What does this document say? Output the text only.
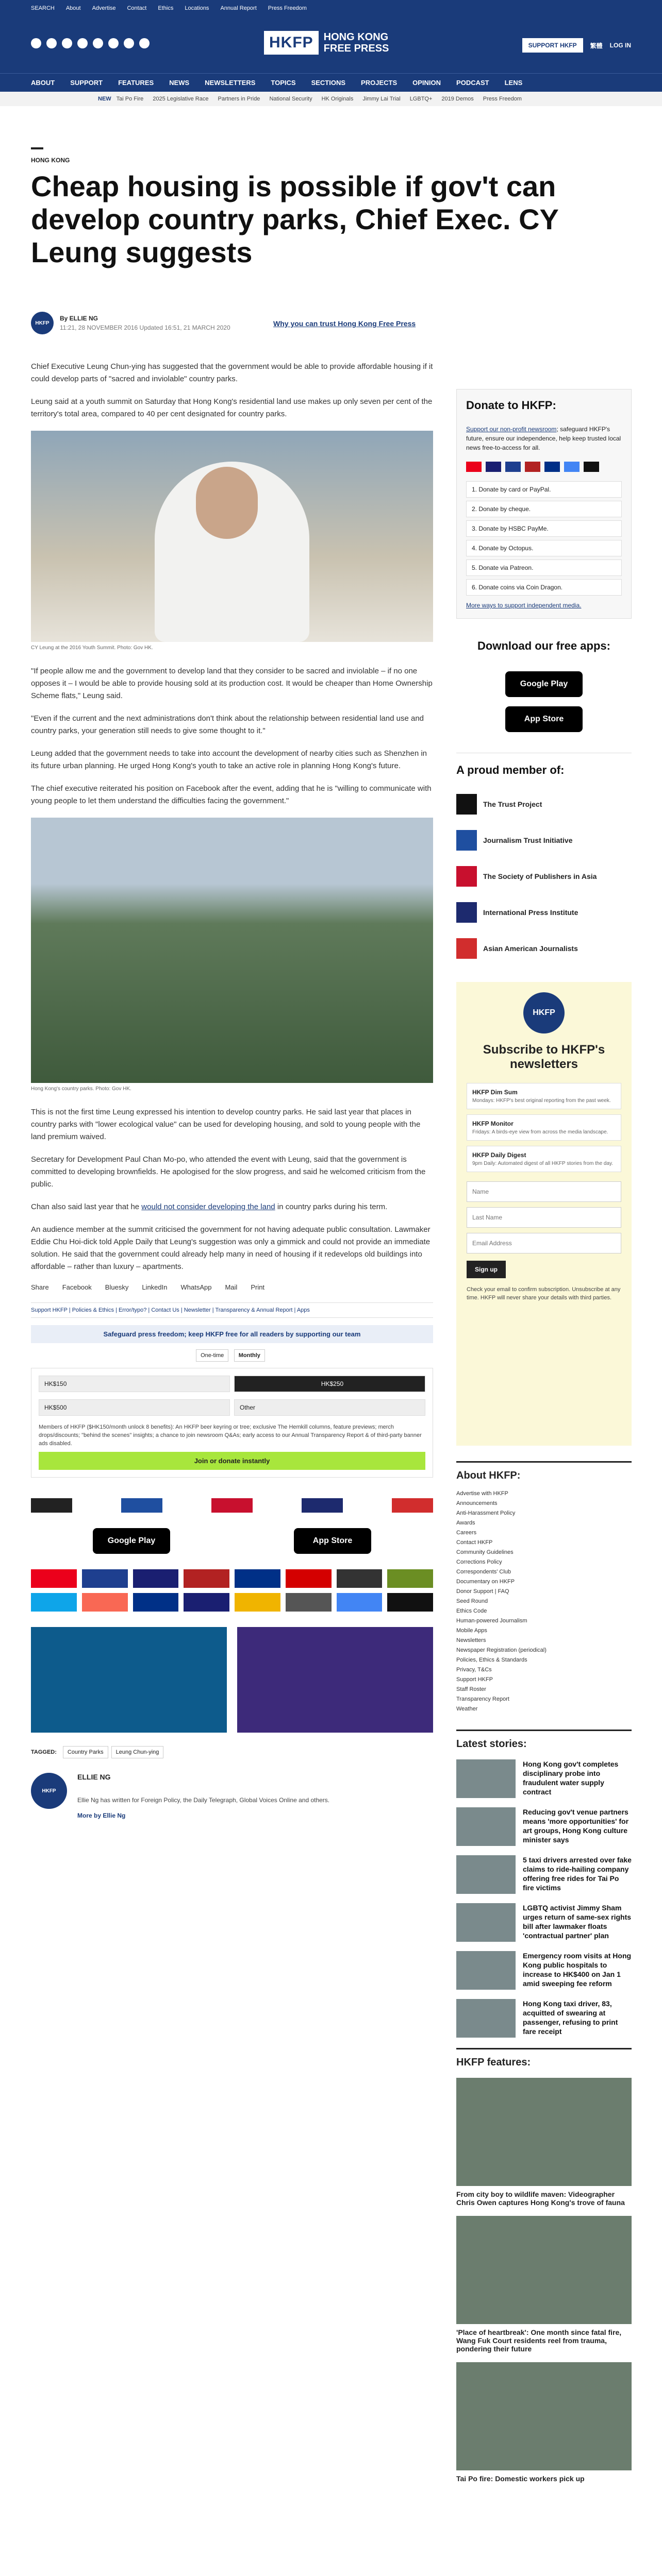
SEARCH About Advertise Contact Ethics Locations Annual Report Press Freedom
HKFP	HONG KONG
FREE PRESS	SUPPORT HKFP	繁體 LOG IN
ABOUT SUPPORT FEATURES NEWS NEWSLETTERS TOPICS SECTIONS PROJECTS OPINION PODCAST LENS
NEW Tai Po Fire 2025 Legislative Race Partners in Pride National Security HK Originals Jimmy Lai Trial LGBTQ+ 2019 Demos Press Freedom
HONG KONG
Cheap housing is possible if gov't can develop country parks, Chief Exec. CY Leung suggests
HKFP
By ELLIE NG
11:21, 28 NOVEMBER 2016 Updated 16:51, 21 MARCH 2020	Why you can trust Hong Kong Free Press

Chief Executive Leung Chun-ying has suggested that the government would be able to provide affordable housing if it could develop parts of "sacred and inviolable" country parks.

Leung said at a youth summit on Saturday that Hong Kong's residential land use makes up only seven per cent of the territory's total area, compared to 40 per cent designated for country parks.

CY Leung at the 2016 Youth Summit. Photo: Gov HK.

"If people allow me and the government to develop land that they consider to be sacred and inviolable – if no one opposes it – I would be able to provide housing sold at its production cost. It would be cheaper than Home Ownership Scheme flats," Leung said.

"Even if the current and the next administrations don't think about the relationship between residential land use and country parks, your generation still needs to give some thought to it."

Leung added that the government needs to take into account the development of nearby cities such as Shenzhen in its future urban planning. He urged Hong Kong's youth to take an active role in planning Hong Kong's future.

The chief executive reiterated his position on Facebook after the event, adding that he is "willing to communicate with young people to let them understand the difficulties facing the government."

Hong Kong's country parks. Photo: Gov HK.

This is not the first time Leung expressed his intention to develop country parks. He said last year that places in country parks with "lower ecological value" can be used for developing housing, and sold to young people with the land premium waived.

Secretary for Development Paul Chan Mo-po, who attended the event with Leung, said that the government is committed to developing brownfields. He apologised for the slow progress, and said he welcomed criticism from the public.

Chan also said last year that he would not consider developing the land in country parks during his term.

An audience member at the summit criticised the government for not having adequate public consultation. Lawmaker Eddie Chu Hoi-dick told Apple Daily that Leung's suggestion was only a gimmick and could not provide an immediate solution. He said that the government could already help many in need of housing if it redevelops old buildings into affordable – rather than luxury – apartments.

Share Facebook Bluesky LinkedIn WhatsApp Mail Print
Support HKFP | Policies & Ethics | Error/typo? | Contact Us | Newsletter | Transparency & Annual Report | Apps
Safeguard press freedom; keep HKFP free for all readers by supporting our team
One-time	Monthly
HK$150	HK$250
HK$500	Other
Members of HKFP ($HK150/month unlock 8 benefits): An HKFP beer keyring or tree; exclusive The Hemkill columns, feature previews; merch drops/discounts; "behind the scenes" insights; a chance to join newsroom Q&As; early access to our Annual Transparency Report & of third-party banner ads disabled.
Join or donate instantly
Google Play	App Store
TAGGED:	Country Parks	Leung Chun-ying
HKFP
ELLIE NG
Ellie Ng has written for Foreign Policy, the Daily Telegraph, Global Voices Online and others.
More by Ellie Ng
Donate to HKFP:
Support our non-profit newsroom; safeguard HKFP's future, ensure our independence, help keep trusted local news free-to-access for all.
1. Donate by card or PayPal.
2. Donate by cheque.
3. Donate by HSBC PayMe.
4. Donate by Octopus.
5. Donate via Patreon.
6. Donate coins via Coin Dragon.
More ways to support independent media.
Download our free apps:
Google Play
App Store
A proud member of:
The Trust Project
Journalism Trust Initiative
The Society of Publishers in Asia
International Press Institute
Asian American Journalists
HKFP
Subscribe to HKFP's newsletters
HKFP Dim Sum
Mondays: HKFP's best original reporting from the past week.
HKFP Monitor
Fridays: A birds-eye view from across the media landscape.
HKFP Daily Digest
9pm Daily: Automated digest of all HKFP stories from the day.
Name Last Name Email Address Sign up
Check your email to confirm subscription. Unsubscribe at any time. HKFP will never share your details with third parties.
About HKFP:
Advertise with HKFP
Announcements
Anti-Harassment Policy
Awards
Careers
Contact HKFP
Community Guidelines
Corrections Policy
Correspondents' Club
Documentary on HKFP
Donor Support | FAQ
Seed Round
Ethics Code
Human-powered Journalism
Mobile Apps
Newsletters
Newspaper Registration (periodical)
Policies, Ethics & Standards
Privacy, T&Cs
Support HKFP
Staff Roster
Transparency Report
Weather
Latest stories:
Hong Kong gov't completes disciplinary probe into fraudulent water supply contract
Reducing gov't venue partners means 'more opportunities' for art groups, Hong Kong culture minister says
5 taxi drivers arrested over fake claims to ride-hailing company offering free rides for Tai Po fire victims
LGBTQ activist Jimmy Sham urges return of same-sex rights bill after lawmaker floats 'contractual partner' plan
Emergency room visits at Hong Kong public hospitals to increase to HK$400 on Jan 1 amid sweeping fee reform
Hong Kong taxi driver, 83, acquitted of swearing at passenger, refusing to print fare receipt
HKFP features:
From city boy to wildlife maven: Videographer Chris Owen captures Hong Kong's trove of fauna
'Place of heartbreak': One month since fatal fire, Wang Fuk Court residents reel from trauma, pondering their future
Tai Po fire: Domestic workers pick up
